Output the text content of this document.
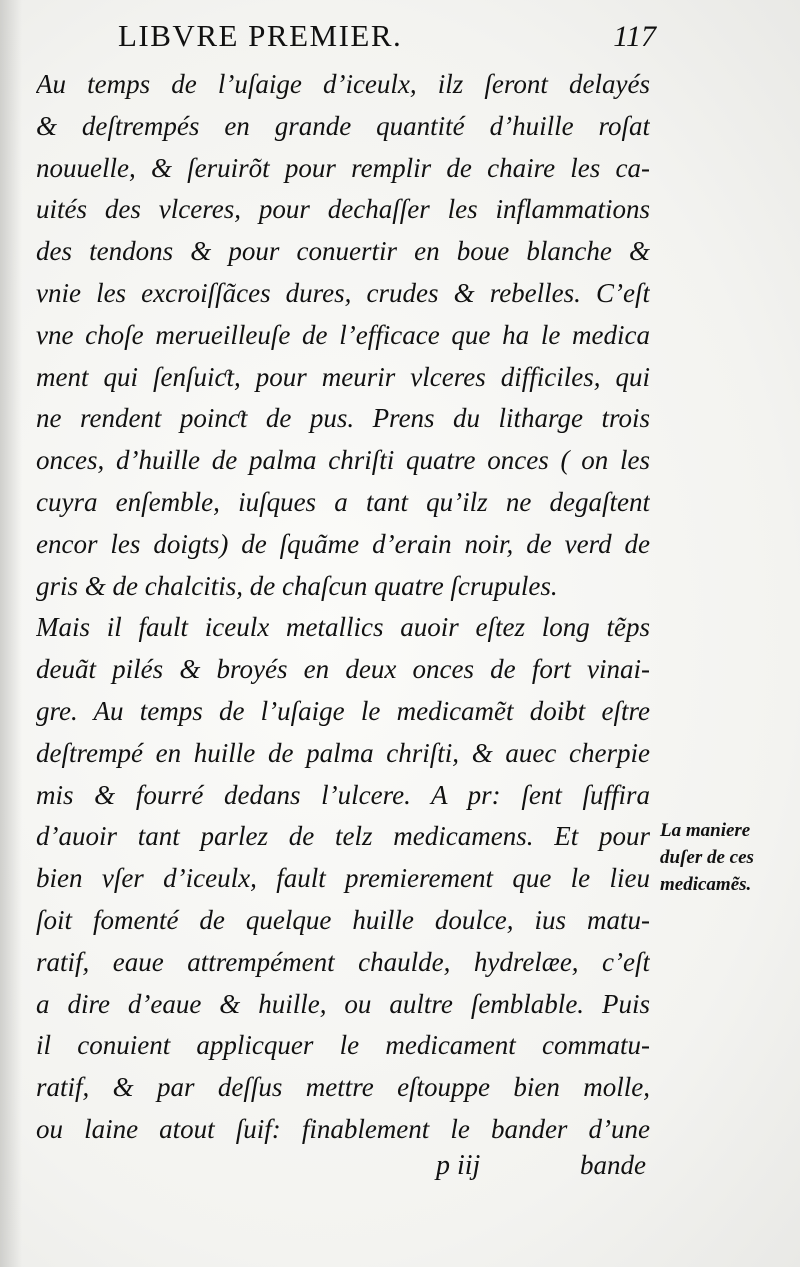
LIBVRE PREMIER.	117
Au temps de l’uſaige d’iceulx, ilz ſeront delayés
& deſtrempés en grande quantité d’huille roſat
nouuelle, & ſeruirõt pour remplir de chaire les ca-
uités des vlceres, pour dechaſſer les inflammations
des tendons & pour conuertir en boue blanche &
vnie les excroiſſãces dures, crudes & rebelles. C’eſt
vne choſe merueilleuſe de l’efficace que ha le medica
ment qui ſenſuiƈt, pour meurir vlceres difficiles, qui
ne rendent poinƈt de pus. Prens du litharge trois
onces, d’huille de palma chriſti quatre onces ( on les
cuyra enſemble, iuſques a tant qu’ilz ne degaſtent
encor les doigts) de ſquãme d’erain noir, de verd de
gris & de chalcitis, de chaſcun quatre ſcrupules.
Mais il fault iceulx metallics auoir eſtez long tẽps
deuãt pilés & broyés en deux onces de fort vinai-
gre. Au temps de l’uſaige le medicamẽt doibt eſtre
deſtrempé en huille de palma chriſti, & auec cherpie
mis & fourré dedans l’ulcere. A pr: ſent ſuffira
d’auoir tant parlez de telz medicamens. Et pour
bien vſer d’iceulx, fault premierement que le lieu
ſoit fomenté de quelque huille doulce, ius matu-
ratif, eaue attrempément chaulde, hydrelæe, c’eſt
a dire d’eaue & huille, ou aultre ſemblable. Puis
il conuient applicquer le medicament commatu-
ratif, & par deſſus mettre eſtouppe bien molle,
ou laine atout ſuif: finablement le bander d’une
La maniere
duſer de ces
medicamẽs.
p iij	bande
